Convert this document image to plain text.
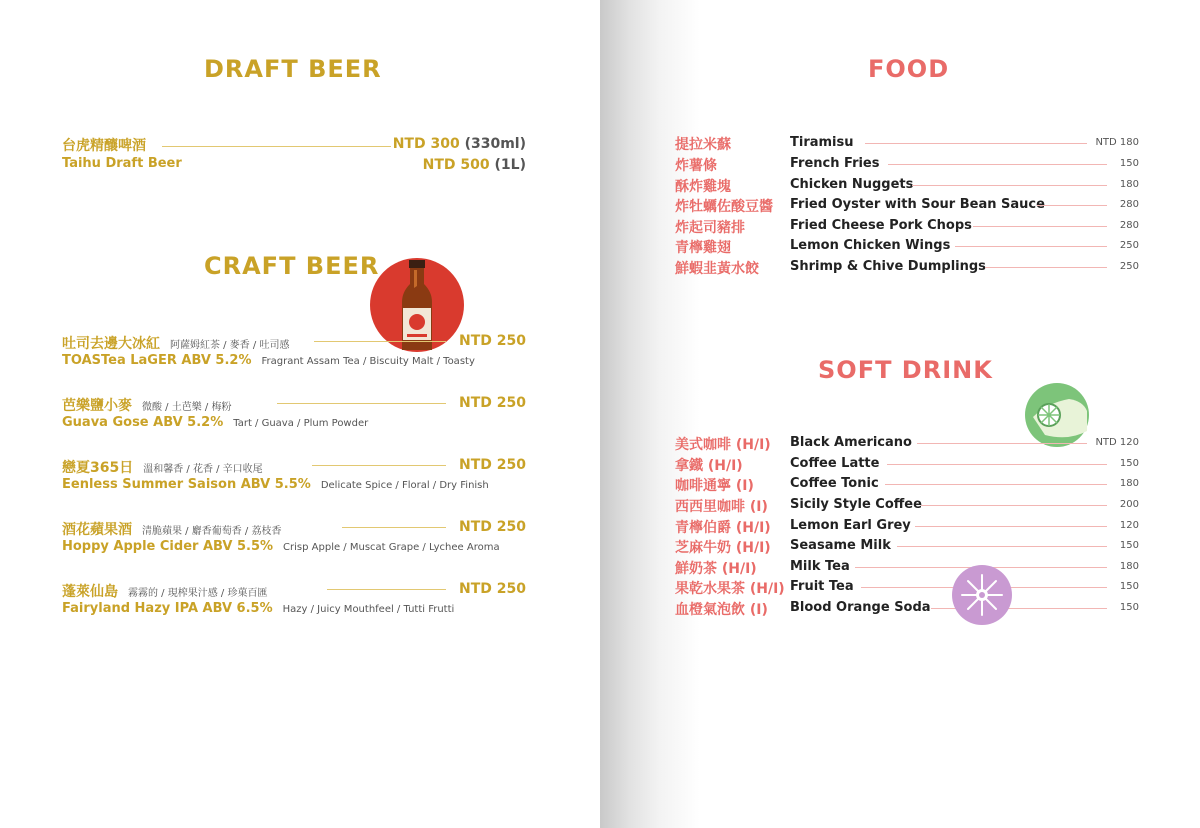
DRAFT BEER
台虎精釀啤酒
Taihu Draft Beer
NTD 300 (330ml)
NTD 500 (1L)
CRAFT BEER
吐司去邊大冰紅 阿薩姆紅茶 / 麥香 / 吐司感
TOASTea LaGER ABV 5.2% Fragrant Assam Tea / Biscuity Malt / Toasty
NTD 250
芭樂鹽小麥 微酸 / 土芭樂 / 梅粉
Guava Gose ABV 5.2% Tart / Guava / Plum Powder
NTD 250
戀夏365日 溫和馨香 / 花香 / 辛口收尾
Eenless Summer Saison ABV 5.5% Delicate Spice / Floral / Dry Finish
NTD 250
酒花蘋果酒 清脆蘋果 / 麝香葡萄香 / 荔枝香
Hoppy Apple Cider ABV 5.5% Crisp Apple / Muscat Grape / Lychee Aroma
NTD 250
蓬萊仙島 霧霧的 / 現榨果汁感 / 珍菓百匯
Fairyland Hazy IPA ABV 6.5% Hazy / Juicy Mouthfeel / Tutti Frutti
NTD 250
FOOD
提拉米蘇	Tiramisu	NTD 180
炸薯條	French Fries	150
酥炸雞塊	Chicken Nuggets	180
炸牡蠣佐酸豆醬 Fried Oyster with Sour Bean Sauce	280
炸起司豬排	Fried Cheese Pork Chops	280
青檸雞翅	Lemon Chicken Wings	250
鮮蝦韭黃水餃 Shrimp & Chive Dumplings	250
SOFT DRINK
美式咖啡 (H/I) Black Americano	NTD 120
拿鐵 (H/I)	Coffee Latte	150
咖啡通寧 (I)	Coffee Tonic	180
西西里咖啡 (I) Sicily Style Coffee	200
青檸伯爵 (H/I) Lemon Earl Grey	120
芝麻牛奶 (H/I) Seasame Milk	150
鮮奶茶 (H/I)	Milk Tea	180
果乾水果茶 (H/I) Fruit Tea	150
血橙氣泡飲 (I) Blood Orange Soda	150
